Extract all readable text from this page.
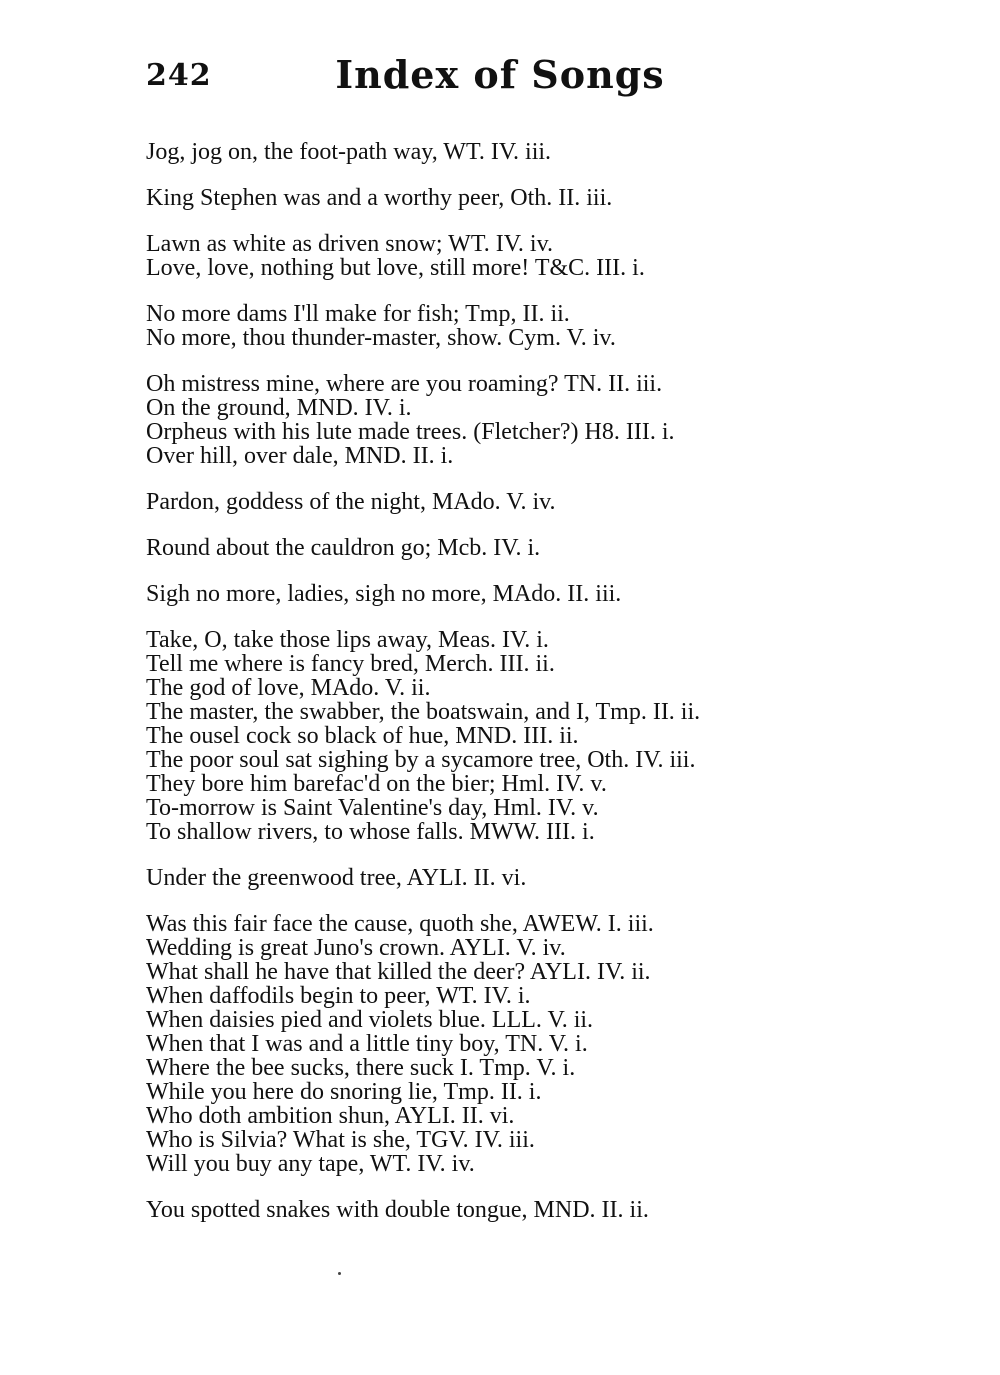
242	Index of Songs
Jog, jog on, the foot-path way, WT. IV. iii.
King Stephen was and a worthy peer, Oth. II. iii.
Lawn as white as driven snow; WT. IV. iv.
Love, love, nothing but love, still more! T&C. III. i.
No more dams I'll make for fish; Tmp, II. ii.
No more, thou thunder-master, show. Cym. V. iv.
Oh mistress mine, where are you roaming? TN. II. iii.
On the ground, MND. IV. i.
Orpheus with his lute made trees. (Fletcher?) H8. III. i.
Over hill, over dale, MND. II. i.
Pardon, goddess of the night, MAdo. V. iv.
Round about the cauldron go; Mcb. IV. i.
Sigh no more, ladies, sigh no more, MAdo. II. iii.
Take, O, take those lips away, Meas. IV. i.
Tell me where is fancy bred, Merch. III. ii.
The god of love, MAdo. V. ii.
The master, the swabber, the boatswain, and I, Tmp. II. ii.
The ousel cock so black of hue, MND. III. ii.
The poor soul sat sighing by a sycamore tree, Oth. IV. iii.
They bore him barefac'd on the bier; Hml. IV. v.
To-morrow is Saint Valentine's day, Hml. IV. v.
To shallow rivers, to whose falls. MWW. III. i.
Under the greenwood tree, AYLI. II. vi.
Was this fair face the cause, quoth she, AWEW. I. iii.
Wedding is great Juno's crown. AYLI. V. iv.
What shall he have that killed the deer? AYLI. IV. ii.
When daffodils begin to peer, WT. IV. i.
When daisies pied and violets blue. LLL. V. ii.
When that I was and a little tiny boy, TN. V. i.
Where the bee sucks, there suck I. Tmp. V. i.
While you here do snoring lie, Tmp. II. i.
Who doth ambition shun, AYLI. II. vi.
Who is Silvia? What is she, TGV. IV. iii.
Will you buy any tape, WT. IV. iv.
You spotted snakes with double tongue, MND. II. ii.
